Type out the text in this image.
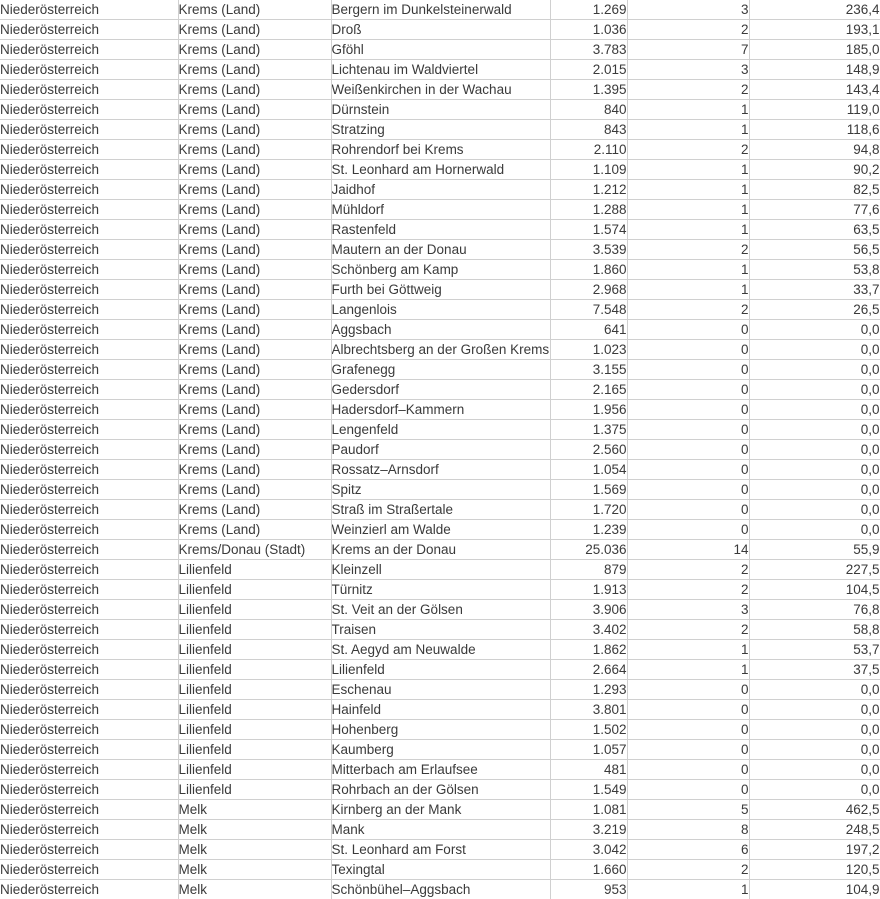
Niederösterreich	Krems (Land)	Bergern im Dunkelsteinerwald	1.269	3	236,4
Niederösterreich	Krems (Land)	Droß	1.036	2	193,1
Niederösterreich	Krems (Land)	Gföhl	3.783	7	185,0
Niederösterreich	Krems (Land)	Lichtenau im Waldviertel	2.015	3	148,9
Niederösterreich	Krems (Land)	Weißenkirchen in der Wachau	1.395	2	143,4
Niederösterreich	Krems (Land)	Dürnstein	840	1	119,0
Niederösterreich	Krems (Land)	Stratzing	843	1	118,6
Niederösterreich	Krems (Land)	Rohrendorf bei Krems	2.110	2	94,8
Niederösterreich	Krems (Land)	St. Leonhard am Hornerwald	1.109	1	90,2
Niederösterreich	Krems (Land)	Jaidhof	1.212	1	82,5
Niederösterreich	Krems (Land)	Mühldorf	1.288	1	77,6
Niederösterreich	Krems (Land)	Rastenfeld	1.574	1	63,5
Niederösterreich	Krems (Land)	Mautern an der Donau	3.539	2	56,5
Niederösterreich	Krems (Land)	Schönberg am Kamp	1.860	1	53,8
Niederösterreich	Krems (Land)	Furth bei Göttweig	2.968	1	33,7
Niederösterreich	Krems (Land)	Langenlois	7.548	2	26,5
Niederösterreich	Krems (Land)	Aggsbach	641	0	0,0
Niederösterreich	Krems (Land)	Albrechtsberg an der Großen Krems	1.023	0	0,0
Niederösterreich	Krems (Land)	Grafenegg	3.155	0	0,0
Niederösterreich	Krems (Land)	Gedersdorf	2.165	0	0,0
Niederösterreich	Krems (Land)	Hadersdorf–Kammern	1.956	0	0,0
Niederösterreich	Krems (Land)	Lengenfeld	1.375	0	0,0
Niederösterreich	Krems (Land)	Paudorf	2.560	0	0,0
Niederösterreich	Krems (Land)	Rossatz–Arnsdorf	1.054	0	0,0
Niederösterreich	Krems (Land)	Spitz	1.569	0	0,0
Niederösterreich	Krems (Land)	Straß im Straßertale	1.720	0	0,0
Niederösterreich	Krems (Land)	Weinzierl am Walde	1.239	0	0,0
Niederösterreich	Krems/Donau (Stadt)	Krems an der Donau	25.036	14	55,9
Niederösterreich	Lilienfeld	Kleinzell	879	2	227,5
Niederösterreich	Lilienfeld	Türnitz	1.913	2	104,5
Niederösterreich	Lilienfeld	St. Veit an der Gölsen	3.906	3	76,8
Niederösterreich	Lilienfeld	Traisen	3.402	2	58,8
Niederösterreich	Lilienfeld	St. Aegyd am Neuwalde	1.862	1	53,7
Niederösterreich	Lilienfeld	Lilienfeld	2.664	1	37,5
Niederösterreich	Lilienfeld	Eschenau	1.293	0	0,0
Niederösterreich	Lilienfeld	Hainfeld	3.801	0	0,0
Niederösterreich	Lilienfeld	Hohenberg	1.502	0	0,0
Niederösterreich	Lilienfeld	Kaumberg	1.057	0	0,0
Niederösterreich	Lilienfeld	Mitterbach am Erlaufsee	481	0	0,0
Niederösterreich	Lilienfeld	Rohrbach an der Gölsen	1.549	0	0,0
Niederösterreich	Melk	Kirnberg an der Mank	1.081	5	462,5
Niederösterreich	Melk	Mank	3.219	8	248,5
Niederösterreich	Melk	St. Leonhard am Forst	3.042	6	197,2
Niederösterreich	Melk	Texingtal	1.660	2	120,5
Niederösterreich	Melk	Schönbühel–Aggsbach	953	1	104,9
